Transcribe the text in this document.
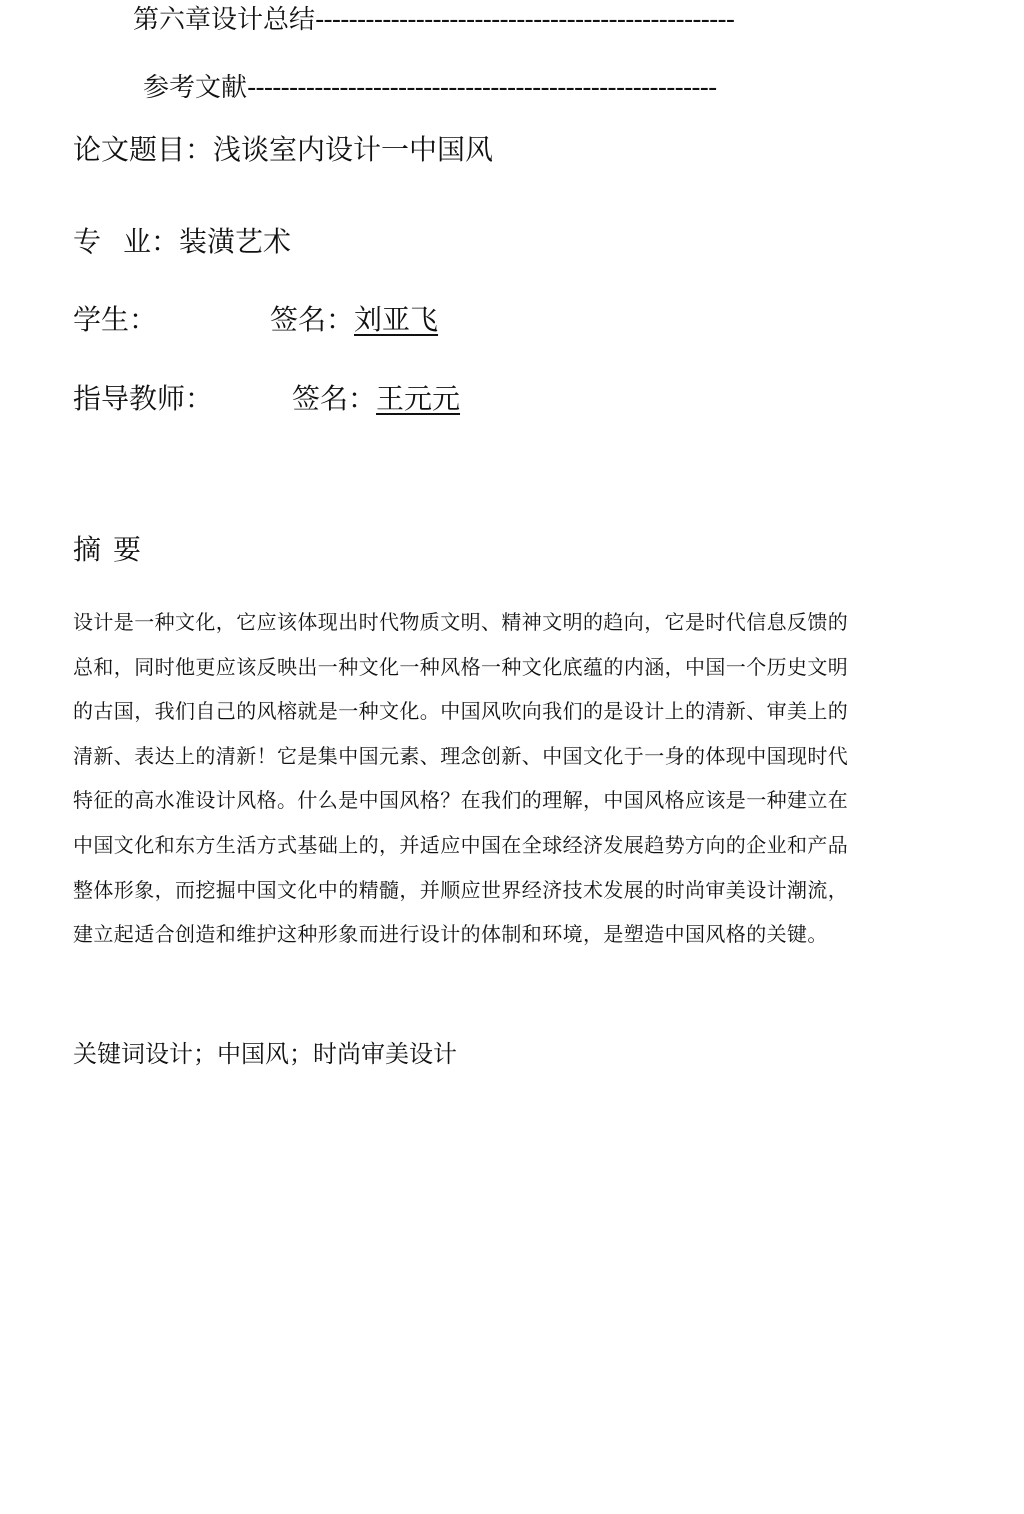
第六章设计总结--------------------------------------------------
参考文献--------------------------------------------------------
论文题目：浅谈室内设计一中国风
专 业：装潢艺术
学生：	签名：刘亚飞
指导教师：	签名：王元元
摘要
设计是一种文化，它应该体现出时代物质文明、精神文明的趋向，它是时代信息反馈的
总和，同时他更应该反映出一种文化一种风格一种文化底蕴的内涵，中国一个历史文明
的古国，我们自己的风榕就是一种文化。中国风吹向我们的是设计上的清新、审美上的
清新、表达上的清新！它是集中国元素、理念创新、中国文化于一身的体现中国现时代
特征的高水准设计风格。什么是中国风格？在我们的理解，中国风格应该是一种建立在
中国文化和东方生活方式基础上的，并适应中国在全球经济发展趋势方向的企业和产品
整体形象，而挖掘中国文化中的精髓，并顺应世界经济技术发展的时尚审美设计潮流，
建立起适合创造和维护这种形象而进行设计的体制和环境，是塑造中国风格的关键。
关键词设计；中国风；时尚审美设计
